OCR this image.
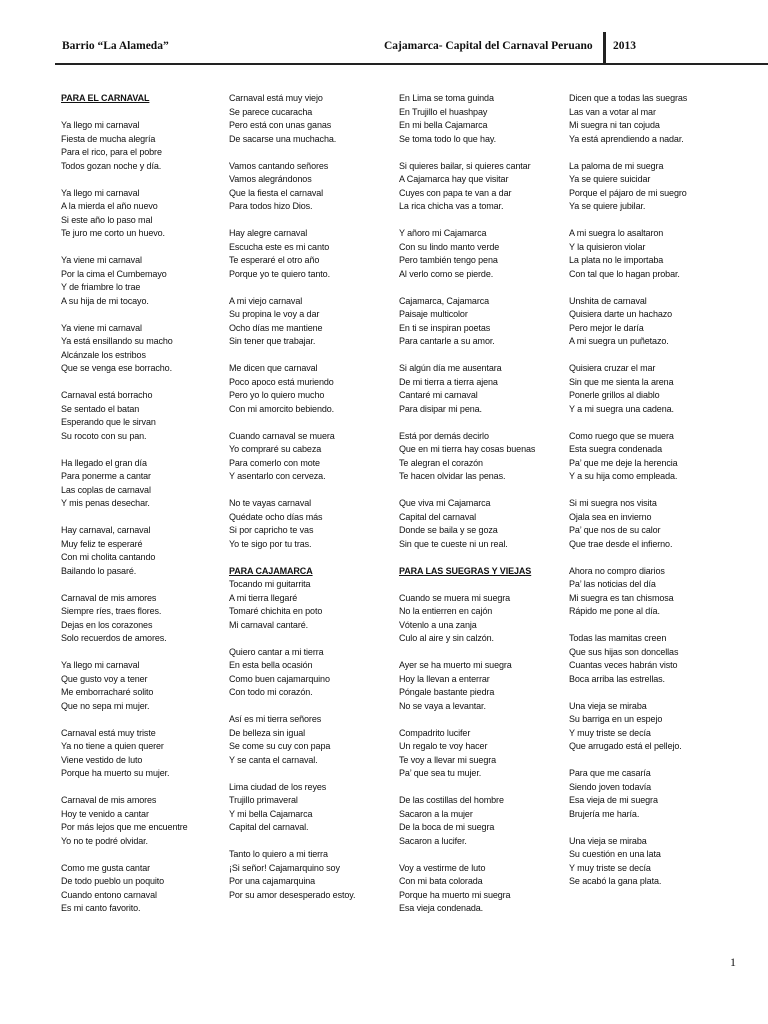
Barrio “La Alameda”	Cajamarca- Capital del Carnaval Peruano 2013
PARA EL CARNAVAL
Ya llego mi carnaval
Fiesta de mucha alegría
Para el rico, para el pobre
Todos gozan noche y día.
Ya llego mi carnaval
A la mierda el año nuevo
Si este año lo paso mal
Te juro me corto un huevo.
Ya viene mi carnaval
Por la cima el Cumbemayo
Y de friambre lo trae
A su hija de mi tocayo.
Ya viene mi carnaval
Ya está ensillando su macho
Alcánzale los estribos
Que se venga ese borracho.
Carnaval está borracho
Se sentado el batan
Esperando que le sirvan
Su rocoto con su pan.
Ha llegado el gran día
Para ponerme a cantar
Las coplas de carnaval
Y mis penas desechar.
Hay carnaval, carnaval
Muy feliz te esperaré
Con mi cholita cantando
Bailando lo pasaré.
Carnaval de mis amores
Siempre ríes, traes flores.
Dejas en los corazones
Solo recuerdos de amores.
Ya llego mi carnaval
Que gusto voy a tener
Me emborracharé solito
Que no sepa mi mujer.
Carnaval está muy triste
Ya no tiene a quien querer
Viene vestido de luto
Porque ha muerto su mujer.
Carnaval de mis amores
Hoy te venido a cantar
Por más lejos que me encuentre
Yo no te podré olvidar.
Como me gusta cantar
De todo pueblo un poquito
Cuando entono carnaval
Es mi canto favorito.
Carnaval está muy viejo
Se parece cucaracha
Pero está con unas ganas
De sacarse una muchacha.
Vamos cantando señores
Vamos alegrándonos
Que la fiesta el carnaval
Para todos hizo Dios.
Hay alegre carnaval
Escucha este es mi canto
Te esperaré el otro año
Porque yo te quiero tanto.
A mi viejo carnaval
Su propina le voy a dar
Ocho días me mantiene
Sin tener que trabajar.
Me dicen que carnaval
Poco apoco está muriendo
Pero yo lo quiero mucho
Con mi amorcito bebiendo.
Cuando carnaval se muera
Yo compraré su cabeza
Para comerlo con mote
Y asentarlo con cerveza.
No te vayas carnaval
Quédate ocho días más
Si por capricho te vas
Yo te sigo por tu tras.
PARA CAJAMARCA
Tocando mi guitarrita
A mi tierra llegaré
Tomaré chichita en poto
Mi carnaval cantaré.
Quiero cantar a mi tierra
En esta bella ocasión
Como buen cajamarquino
Con todo mi corazón.
Así es mi tierra señores
De belleza sin igual
Se come su cuy con papa
Y se canta el carnaval.
Lima ciudad de los reyes
Trujillo primaveral
Y mi bella Cajamarca
Capital del carnaval.
Tanto lo quiero a mi tierra
¡Si señor! Cajamarquino soy
Por una cajamarquina
Por su amor desesperado estoy.
En Lima se toma guinda
En Trujillo el huashpay
En mi bella Cajamarca
Se toma todo lo que hay.
Si quieres bailar, si quieres cantar
A Cajamarca hay que visitar
Cuyes con papa te van a dar
La rica chicha vas a tomar.
Y añoro mi Cajamarca
Con su lindo manto verde
Pero también tengo pena
Al verlo como se pierde.
Cajamarca, Cajamarca
Paisaje multicolor
En ti se inspiran poetas
Para cantarle a su amor.
Si algún día me ausentara
De mi tierra a tierra ajena
Cantaré mi carnaval
Para disipar mi pena.
Está por demás decirlo
Que en mi tierra hay cosas buenas
Te alegran el corazón
Te hacen olvidar las penas.
Que viva mi Cajamarca
Capital del carnaval
Donde se baila y se goza
Sin que te cueste ni un real.
PARA LAS SUEGRAS Y VIEJAS
Cuando se muera mi suegra
No la entierren en cajón
Vótenlo a una zanja
Culo al aire y sin calzón.
Ayer se ha muerto mi suegra
Hoy la llevan a enterrar
Póngale bastante piedra
No se vaya a levantar.
Compadrito lucifer
Un regalo te voy hacer
Te voy a llevar mi suegra
Pa’ que sea tu mujer.
De las costillas del hombre
Sacaron a la mujer
De la boca de mi suegra
Sacaron a lucifer.
Voy a vestirme de luto
Con mi bata colorada
Porque ha muerto mi suegra
Esa vieja condenada.
Dicen que a todas las suegras
Las van a votar al mar
Mi suegra ni tan cojuda
Ya está aprendiendo a nadar.
La paloma de mi suegra
Ya se quiere suicidar
Porque el pájaro de mi suegro
Ya se quiere jubilar.
A mi suegra lo asaltaron
Y la quisieron violar
La plata no le importaba
Con tal que lo hagan probar.
Unshita de carnaval
Quisiera darte un hachazo
Pero mejor le daría
A mi suegra un puñetazo.
Quisiera cruzar el mar
Sin que me sienta la arena
Ponerle grillos al diablo
Y a mi suegra una cadena.
Como ruego que se muera
Esta suegra condenada
Pa’ que me deje la herencia
Y a su hija como empleada.
Si mi suegra nos visita
Ojala sea en invierno
Pa’ que nos de su calor
Que trae desde el infierno.
Ahora no compro diarios
Pa’ las noticias del día
Mi suegra es tan chismosa
Rápido me pone al día.
Todas las mamitas creen
Que sus hijas son doncellas
Cuantas veces habrán visto
Boca arriba las estrellas.
Una vieja se miraba
Su barriga en un espejo
Y muy triste se decía
Que arrugado está el pellejo.
Para que me casaría
Siendo joven todavía
Esa vieja de mi suegra
Brujería me haría.
Una vieja se miraba
Su cuestión en una lata
Y muy triste se decía
Se acabó la gana plata.
1
